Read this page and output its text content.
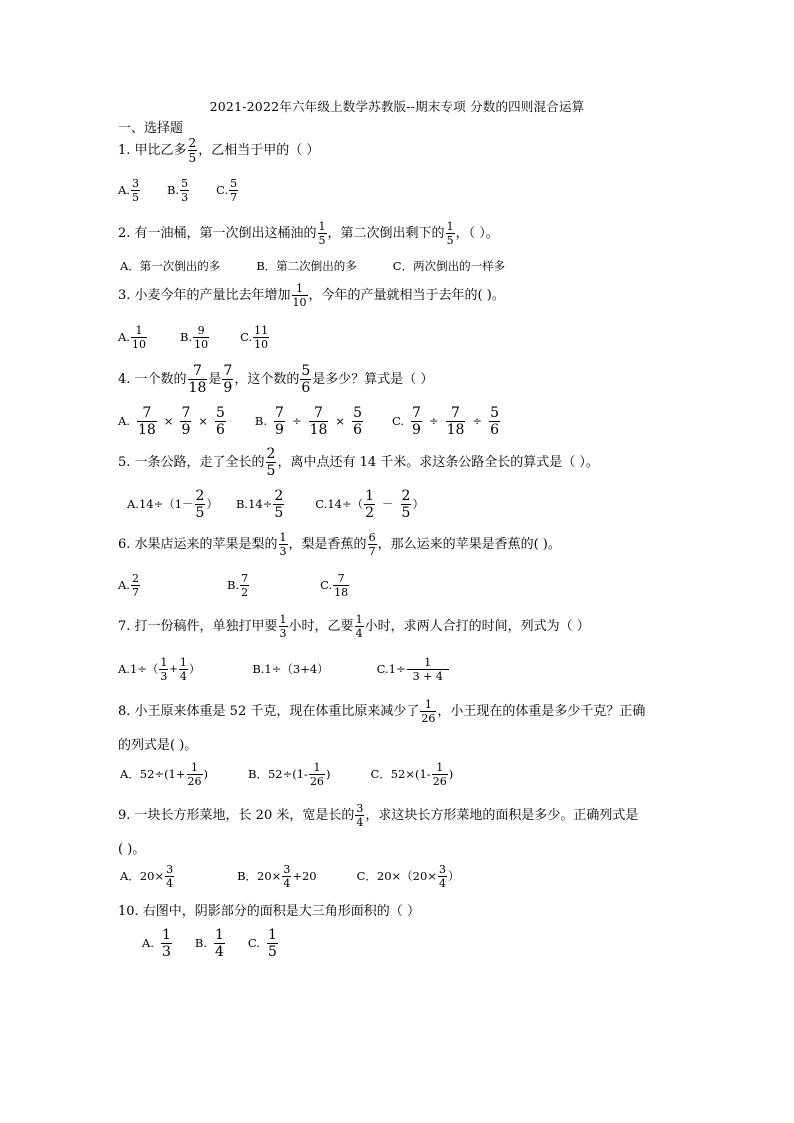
2021-2022年六年级上数学苏教版--期末专项 分数的四则混合运算
一、选择题
1. 甲比乙多 $\frac{2}{5}$ ，乙相当于甲的（ ）
A. $\frac{3}{5} B$. $\frac{5}{3} C$. $\frac{5}{7}$
2. 有一油桶，第一次倒出这桶油的 $\frac{1}{5}$ ，第二次倒出剩下的 $\frac{1}{5}$ ，（ ）。
A．第一次倒出的多	B．第二次倒出的多	C．两次倒出的一样多
3. 小麦今年的产量比去年增加 $\frac{1}{10}$ ，今年的产量就相当于去年的( )。
A. $\frac{1}{10}$	B. $\frac{9}{10}$	C. $\frac{11}{10}$
4. 一个数的 $\frac{7}{18}$ 是 $\frac{7}{9}$ ，这个数的 $\frac{5}{6}$ 是多少？算式是（ ）
A. $\frac{7}{18} \times \frac{7}{9} \times \frac{5}{6}$	B. $\frac{7}{9} \div \frac{7}{18} \times \frac{5}{6}$	C. $\frac{7}{9} \div \frac{7}{18} \div \frac{5}{6}$
5. 一条公路，走了全长的 $\frac{2}{5}$ ，离中点还有 14 千米。求这条公路全长的算式是（ ）。
$A.14\div(1- \frac{2}{5}$ ） $B.14\div \frac{2}{5}$	$C.14\div( \frac{1}{2} - \frac{2}{5}$ ）
6. 水果店运来的苹果是梨的 $\frac{1}{3}$ ，梨是香蕉的 $\frac{6}{7}$ ，那么运来的苹果是香蕉的( )。
A. $\frac{2}{7}$	B. $\frac{7}{2}$	C. $\frac{7}{18}$
7. 打一份稿件，单独打甲要 $\frac{1}{3}$ 小时，乙要 $\frac{1}{4}$ 小时，求两人合打的时间，列式为（ ）
$A.1\div( \frac{1}{3} + \frac{1}{4}$ ）	B.1÷（3+4）	$C.1\div \frac{1}{3 + 4}$
8. 小王原来体重是 52 千克，现在体重比原来减少了 $\frac{1}{26}$ ，小王现在的体重是多少千克？正确
的列式是( )。
A．$52\div(1+ \frac{1}{26}$ )	B．$52\div(1- \frac{1}{26}$ )	C．$52\times(1- \frac{1}{26}$ )
9. 一块长方形菜地，长 20 米，宽是长的 $\frac{3}{4}$ ，求这块长方形菜地的面积是多少。正确列式是
( )。
A．$20\times \frac{3}{4}$	B．$20\times \frac{3}{4} +20$	C．$20\times(20\times \frac{3}{4}$ ）
10. 右图中，阴影部分的面积是大三角形面积的（ ）
A. $\frac{1}{3} B$. $\frac{1}{4} C$. $\frac{1}{5}$
